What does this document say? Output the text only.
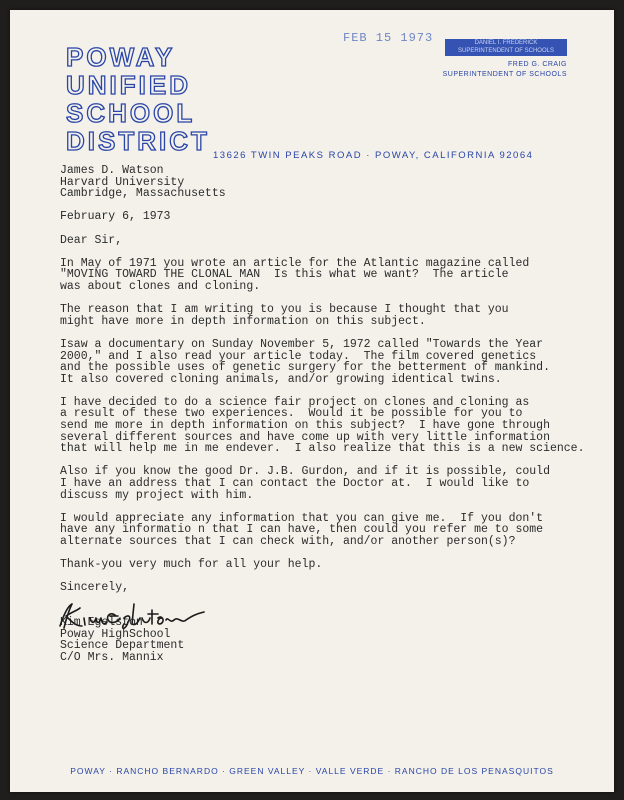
POWAY
UNIFIED
SCHOOL
DISTRICT
FEB 15 1973	DANIEL I. FREDERICK
SUPERINTENDENT OF SCHOOLS
FRED G. CRAIG
SUPERINTENDENT OF SCHOOLS
13626 TWIN PEAKS ROAD · POWAY, CALIFORNIA 92064
James D. Watson
Harvard University
Cambridge, Massachusetts
February 6, 1973
Dear Sir,
In May of 1971 you wrote an article for the Atlantic magazine called
"MOVING TOWARD THE CLONAL MAN  Is this what we want?  The article
was about clones and cloning.
The reason that I am writing to you is because I thought that you
might have more in depth information on this subject.
Isaw a documentary on Sunday November 5, 1972 called "Towards the Year
2000," and I also read your article today.  The film covered genetics
and the possible uses of genetic surgery for the betterment of mankind.
It also covered cloning animals, and/or growing identical twins.
I have decided to do a science fair project on clones and cloning as
a result of these two experiences.  Would it be possible for you to
send me more in depth information on this subject?  I have gone through
several different sources and have come up with very little information
that will help me in me endever.  I also realize that this is a new science.
Also if you know the good Dr. J.B. Gurdon, and if it is possible, could
I have an address that I can contact the Doctor at.  I would like to
discuss my project with him.
I would appreciate any information that you can give me.  If you don't
have any informatio n that I can have, then could you refer me to some
alternate sources that I can check with, and/or another person(s)?
Thank-you very much for all your help.
Sincerely,
Kim Egelston
Poway HighSchool
Science Department
C/O Mrs. Mannix
POWAY · RANCHO BERNARDO · GREEN VALLEY · VALLE VERDE · RANCHO DE LOS PENASQUITOS
